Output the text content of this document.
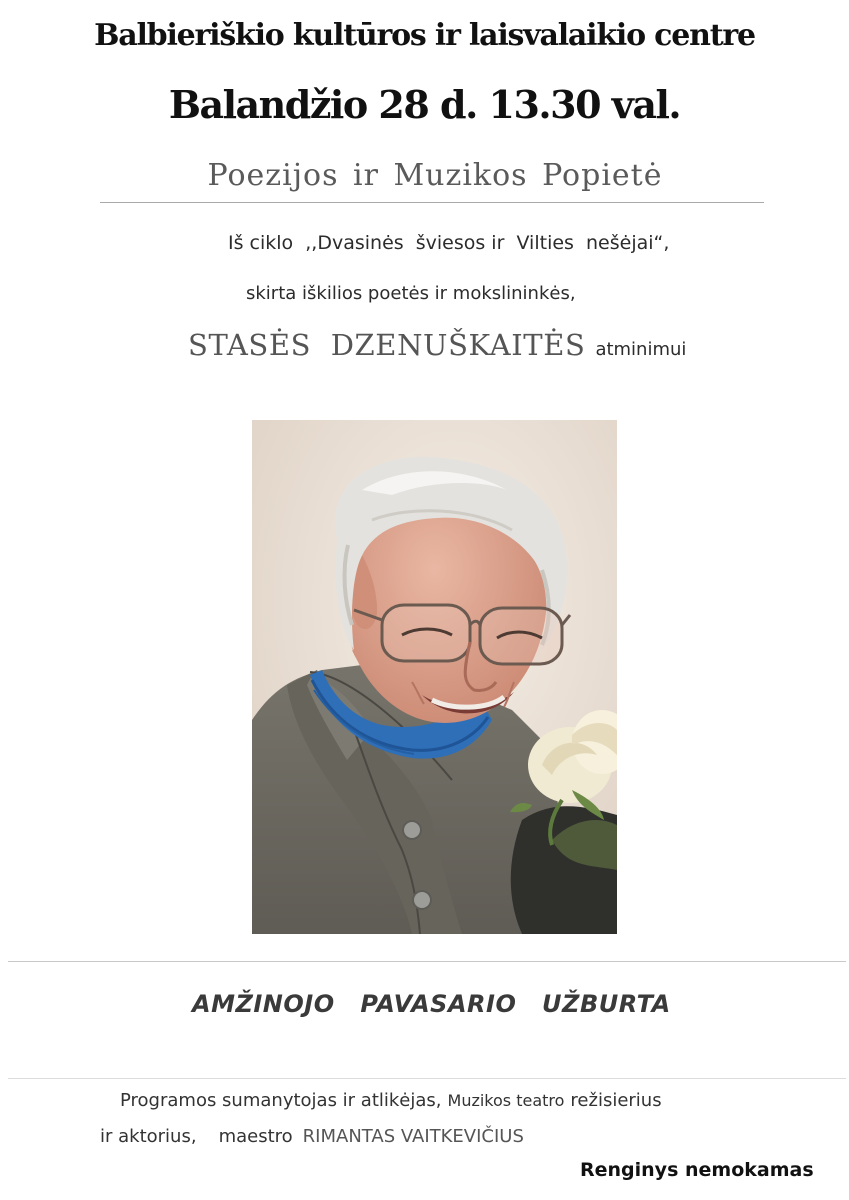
Balbieriškio kultūros ir laisvalaikio centre
Balandžio 28 d. 13.30 val.
Poezijos ir Muzikos Popietė
Iš ciklo  ,,Dvasinės  šviesos ir  Vilties  nešėjai“,
skirta iškilios poetės ir mokslininkės,
STASĖS  DZENUŠKAITĖS atminimui
AMŽINOJO  PAVASARIO  UŽBURTA
Programos sumanytojas ir atlikėjas, Muzikos teatro režisierius
ir aktorius, maestro RIMANTAS VAITKEVIČIUS
Renginys nemokamas
